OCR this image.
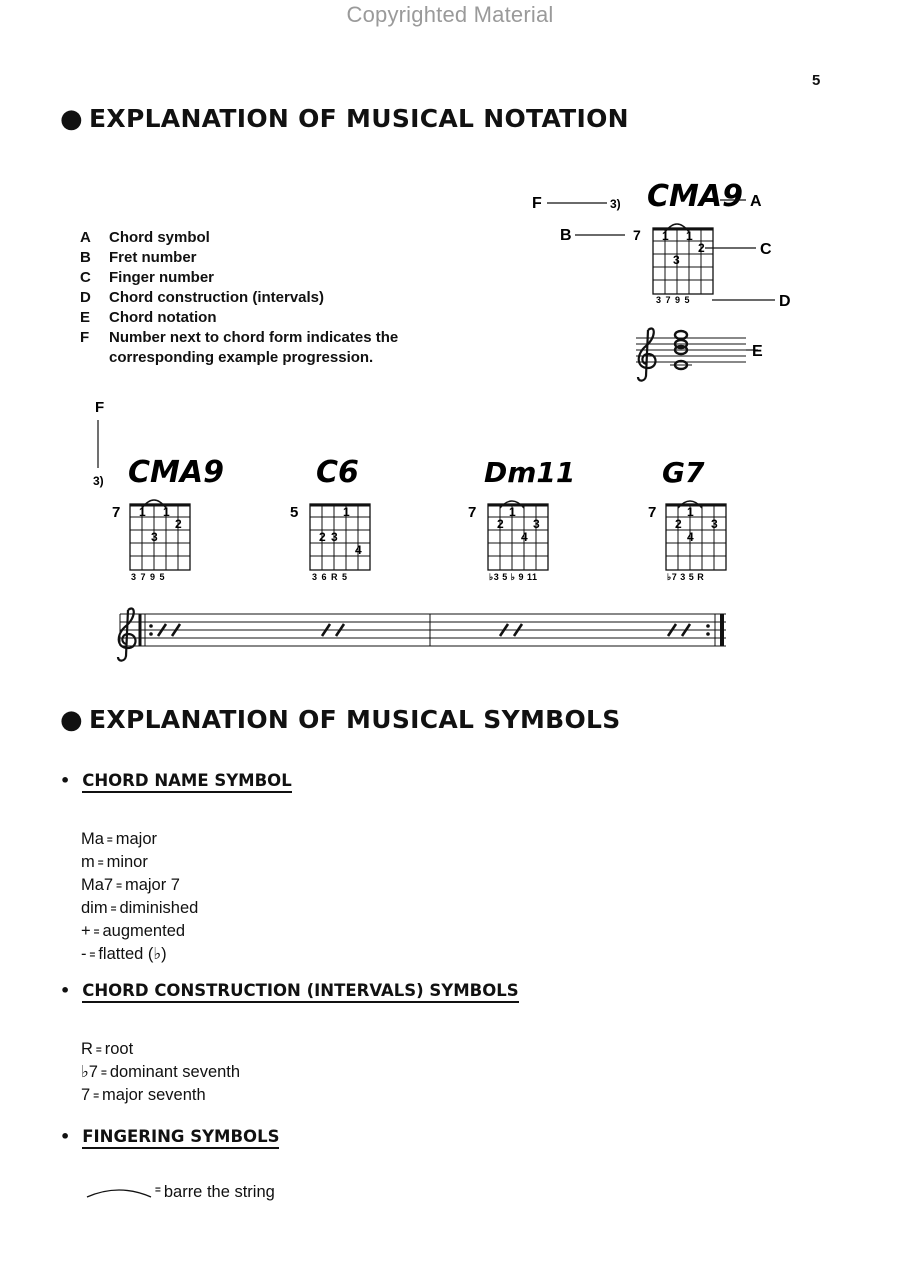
Copyrighted Material
5
● EXPLANATION OF MUSICAL NOTATION
A	Chord symbol
B	Fret number
C	Finger number
D	Chord construction (intervals)
E	Chord notation
F	Number next to chord form indicates the corresponding example progression.
F	3) CMA9 A
B	7 1 1
2
3
C
3 7 9 5	D
E
F
3) CMA9
7 1 1
2
3
3 7 9 5
C6
5	1
2 3
4
3 6 R 5
Dm11
7	1
2 3
4
♭3 5 ♭ 9 11
G7
7	1
2 3
4
♭7 3 5 R
● EXPLANATION OF MUSICAL SYMBOLS
• CHORD NAME SYMBOL
Ma = major
m = minor
Ma7 = major 7
dim = diminished
+ = augmented
- = flatted (♭)
• CHORD CONSTRUCTION (INTERVALS) SYMBOLS
R = root
♭7 = dominant seventh
7 = major seventh
• FINGERING SYMBOLS
= barre the string
